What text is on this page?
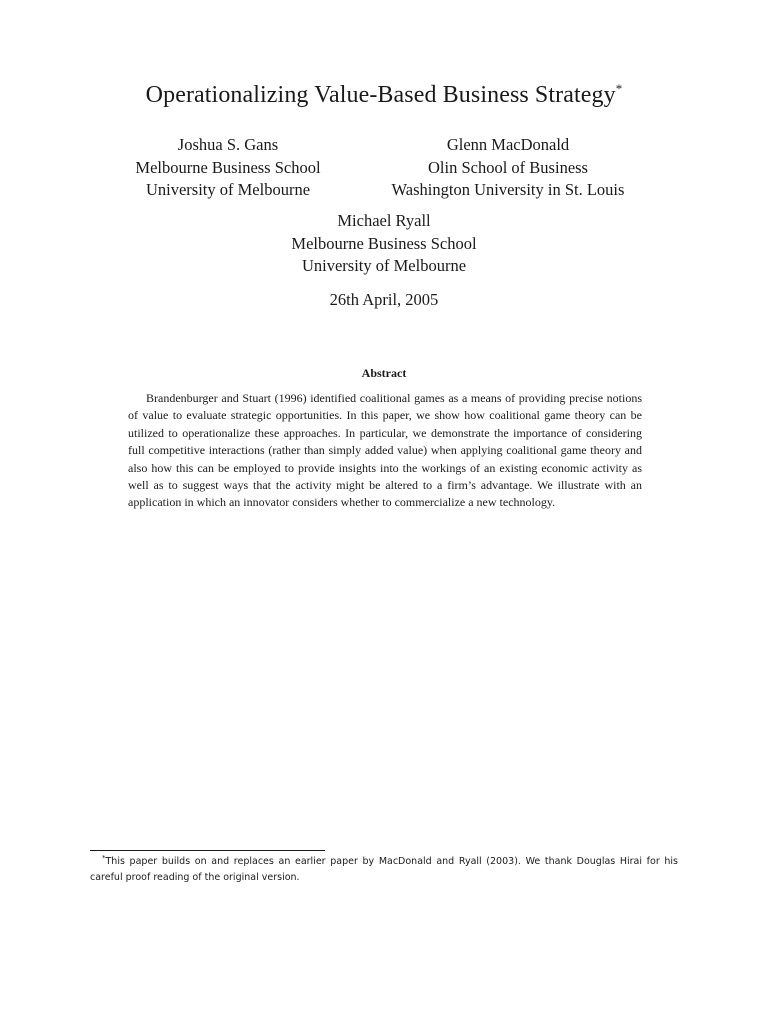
Operationalizing Value-Based Business Strategy*
Joshua S. Gans
Melbourne Business School
University of Melbourne
Glenn MacDonald
Olin School of Business
Washington University in St. Louis
Michael Ryall
Melbourne Business School
University of Melbourne
26th April, 2005
Abstract

Brandenburger and Stuart (1996) identified coalitional games as a means of providing precise notions of value to evaluate strategic opportunities. In this paper, we show how coalitional game theory can be utilized to operationalize these approaches. In particular, we demonstrate the importance of considering full competitive interactions (rather than simply added value) when applying coalitional game theory and also how this can be employed to provide insights into the workings of an existing economic activity as well as to suggest ways that the activity might be altered to a firm’s advantage. We illustrate with an application in which an innovator considers whether to commercialize a new technology.

*This paper builds on and replaces an earlier paper by MacDonald and Ryall (2003). We thank Douglas Hirai for his careful proof reading of the original version.
